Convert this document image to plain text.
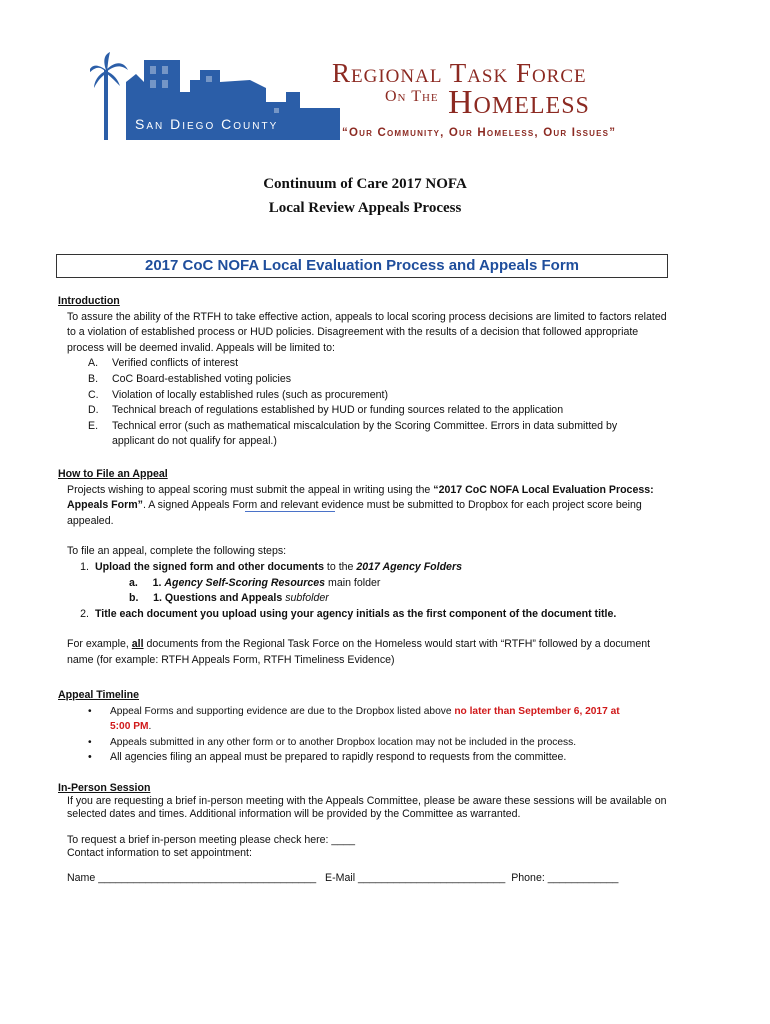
San Diego County
Regional Task Force
On The Homeless
“Our Community, Our Homeless, Our Issues”
Continuum of Care 2017 NOFA
Local Review Appeals Process
2017 CoC NOFA Local Evaluation Process and Appeals Form
Introduction

To assure the ability of the RTFH to take effective action, appeals to local scoring process decisions are limited to factors related to a violation of established process or HUD policies. Disagreement with the results of a decision that followed appropriate process will be deemed invalid. Appeals will be limited to:

A.	Verified conflicts of interest
B.	CoC Board-established voting policies
C.	Violation of locally established rules (such as procurement)
D.	Technical breach of regulations established by HUD or funding sources related to the application
E.	Technical error (such as mathematical miscalculation by the Scoring Committee. Errors in data submitted by applicant do not qualify for appeal.)
How to File an Appeal

Projects wishing to appeal scoring must submit the appeal in writing using the “2017 CoC NOFA Local Evaluation Process: Appeals Form”. A signed Appeals Form and relevant evidence must be submitted to Dropbox for each project score being appealed.

To file an appeal, complete the following steps:

1. Upload the signed form and other documents to the 2017 Agency Folders
a. 1. Agency Self-Scoring Resources main folder
b. 1. Questions and Appeals subfolder
2. Title each document you upload using your agency initials as the first component of the document title.

For example, all documents from the Regional Task Force on the Homeless would start with “RTFH” followed by a document name (for example: RTFH Appeals Form, RTFH Timeliness Evidence)

Appeal Timeline
•	Appeal Forms and supporting evidence are due to the Dropbox listed above no later than September 6, 2017 at 5:00 PM.
•	Appeals submitted in any other form or to another Dropbox location may not be included in the process.
•	All agencies filing an appeal must be prepared to rapidly respond to requests from the committee.
In-Person Session

If you are requesting a brief in-person meeting with the Appeals Committee, please be aware these sessions will be available on selected dates and times. Additional information will be provided by the Committee as warranted.

To request a brief in-person meeting please check here: ____

Contact information to set appointment:

Name _____________________________________ E-Mail _________________________ Phone: ____________
